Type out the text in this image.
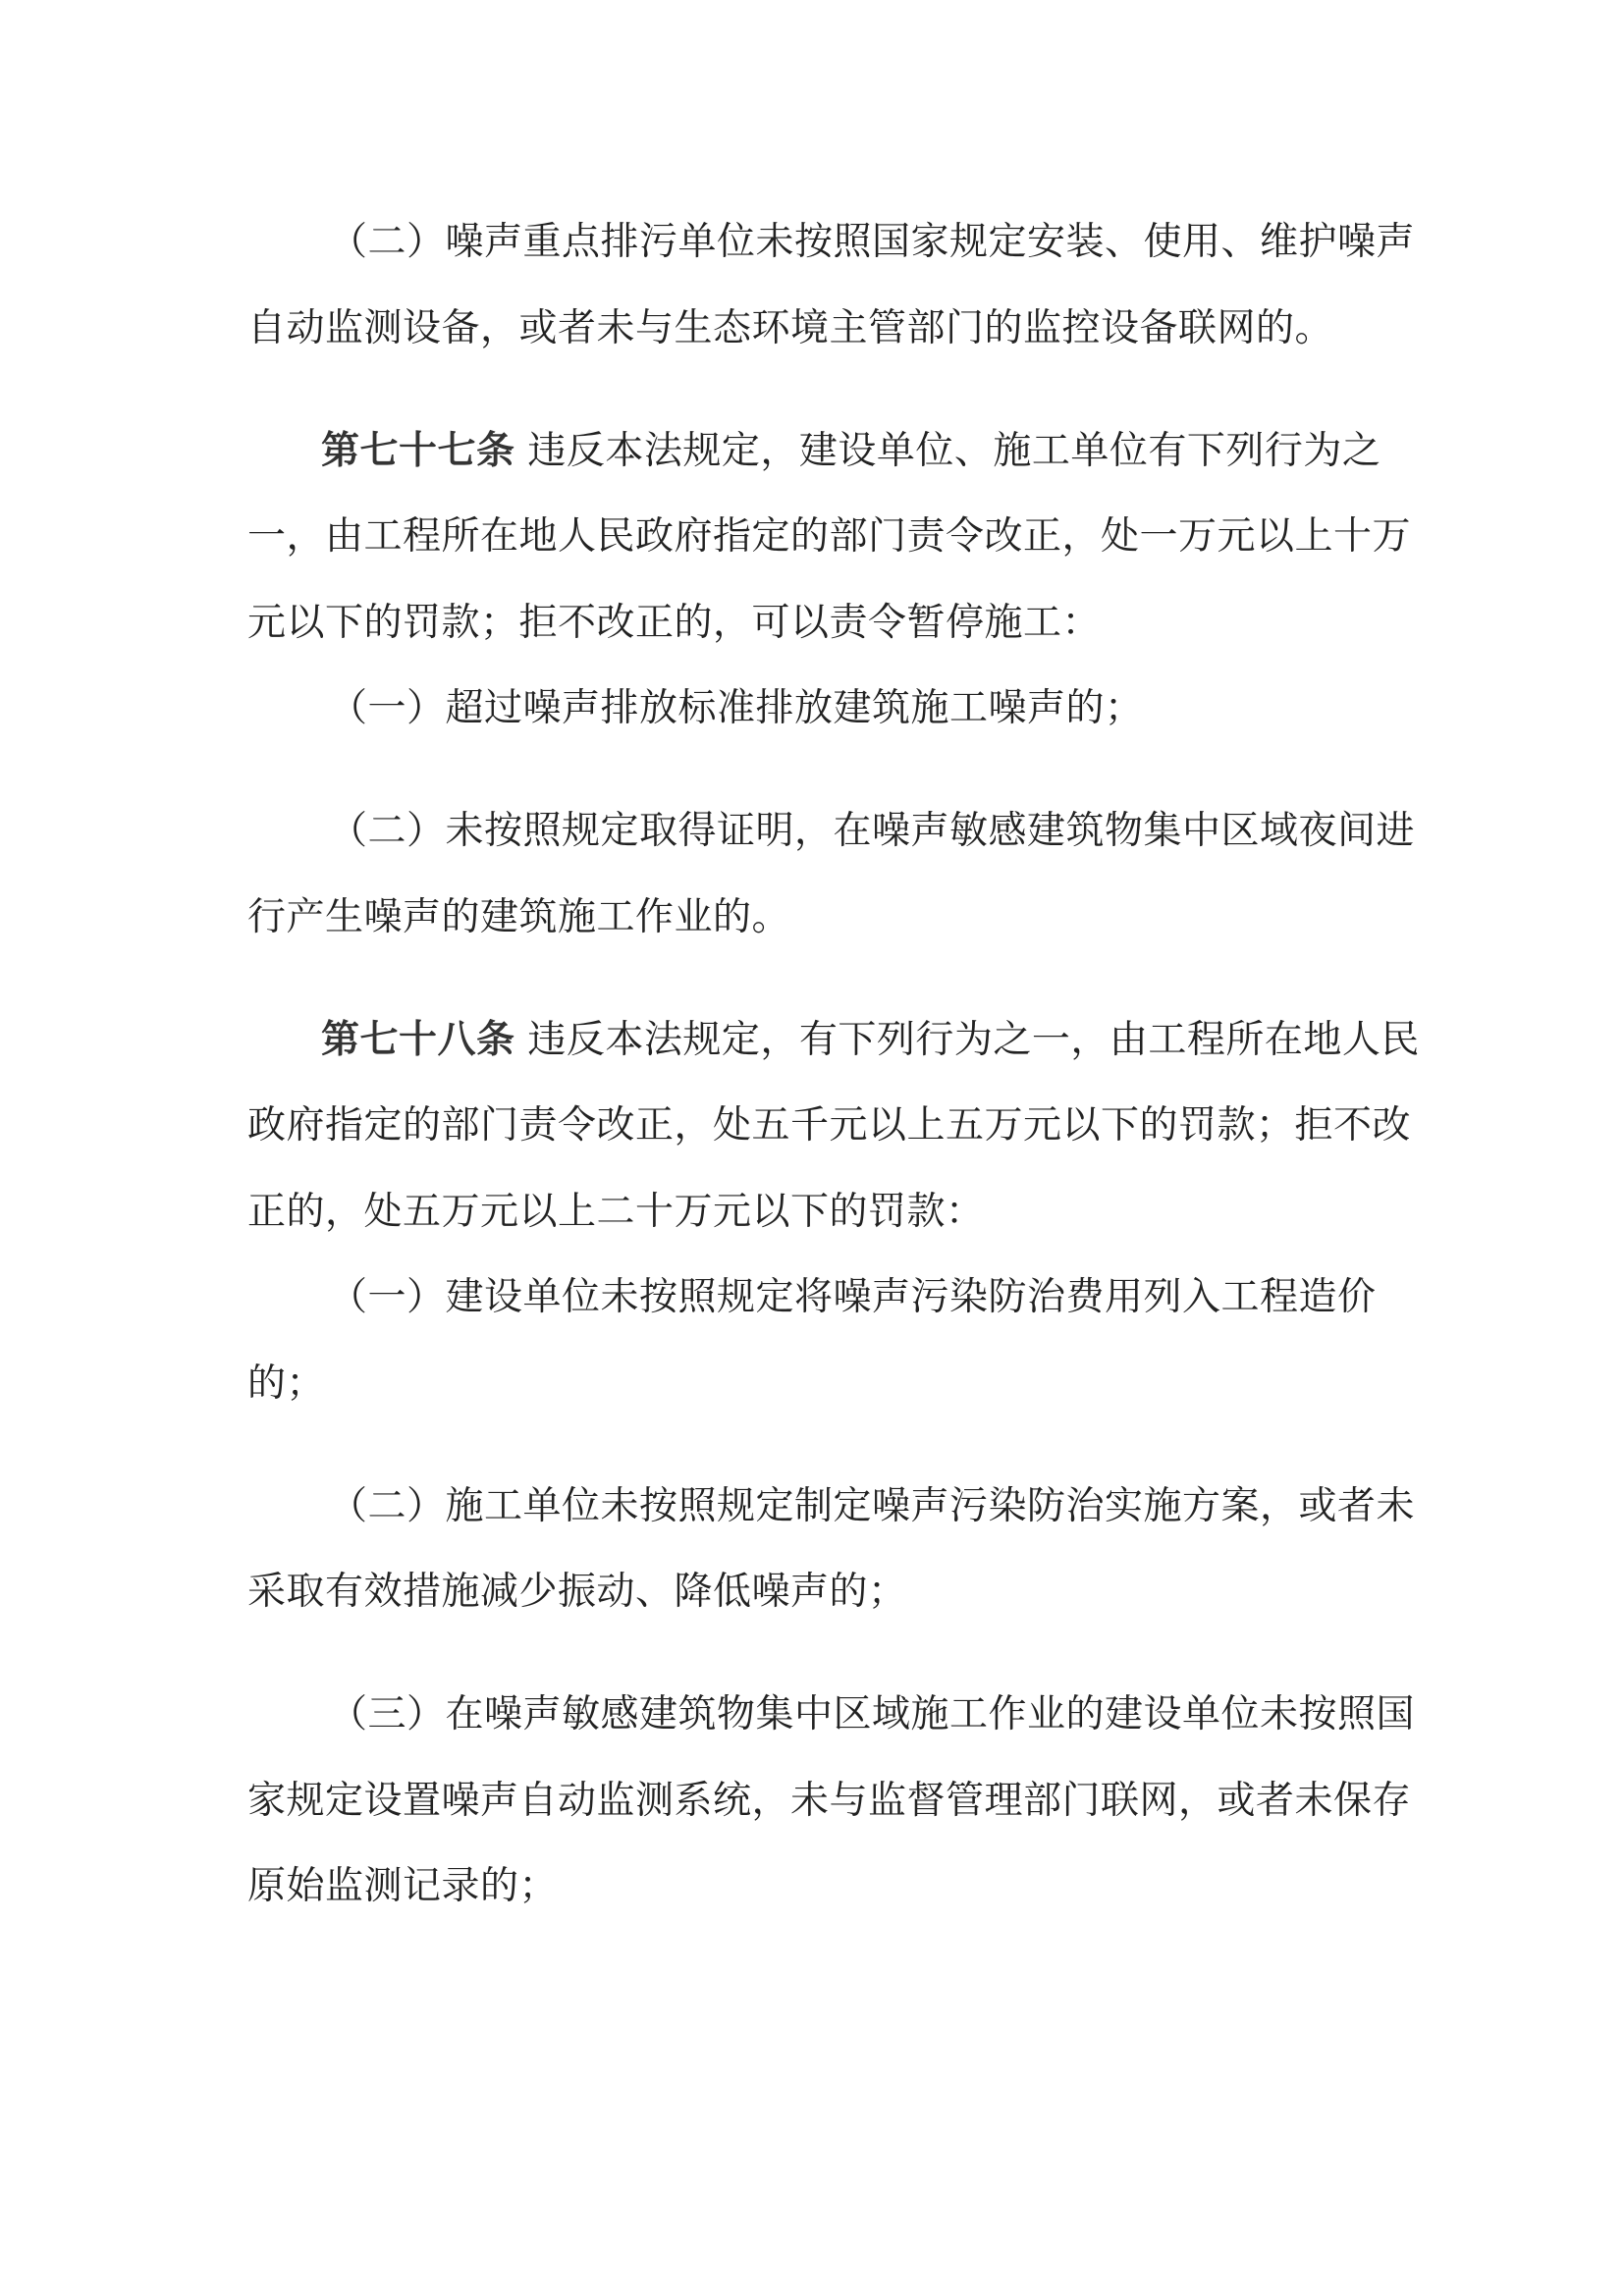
（二）噪声重点排污单位未按照国家规定安装、使用、维护噪声
自动监测设备，或者未与生态环境主管部门的监控设备联网的。
第七十七条 违反本法规定，建设单位、施工单位有下列行为之
一，由工程所在地人民政府指定的部门责令改正，处一万元以上十万
元以下的罚款；拒不改正的，可以责令暂停施工：
（一）超过噪声排放标准排放建筑施工噪声的；
（二）未按照规定取得证明，在噪声敏感建筑物集中区域夜间进
行产生噪声的建筑施工作业的。
第七十八条 违反本法规定，有下列行为之一，由工程所在地人民
政府指定的部门责令改正，处五千元以上五万元以下的罚款；拒不改
正的，处五万元以上二十万元以下的罚款：
（一）建设单位未按照规定将噪声污染防治费用列入工程造价
的；
（二）施工单位未按照规定制定噪声污染防治实施方案，或者未
采取有效措施减少振动、降低噪声的；
（三）在噪声敏感建筑物集中区域施工作业的建设单位未按照国
家规定设置噪声自动监测系统，未与监督管理部门联网，或者未保存
原始监测记录的；
